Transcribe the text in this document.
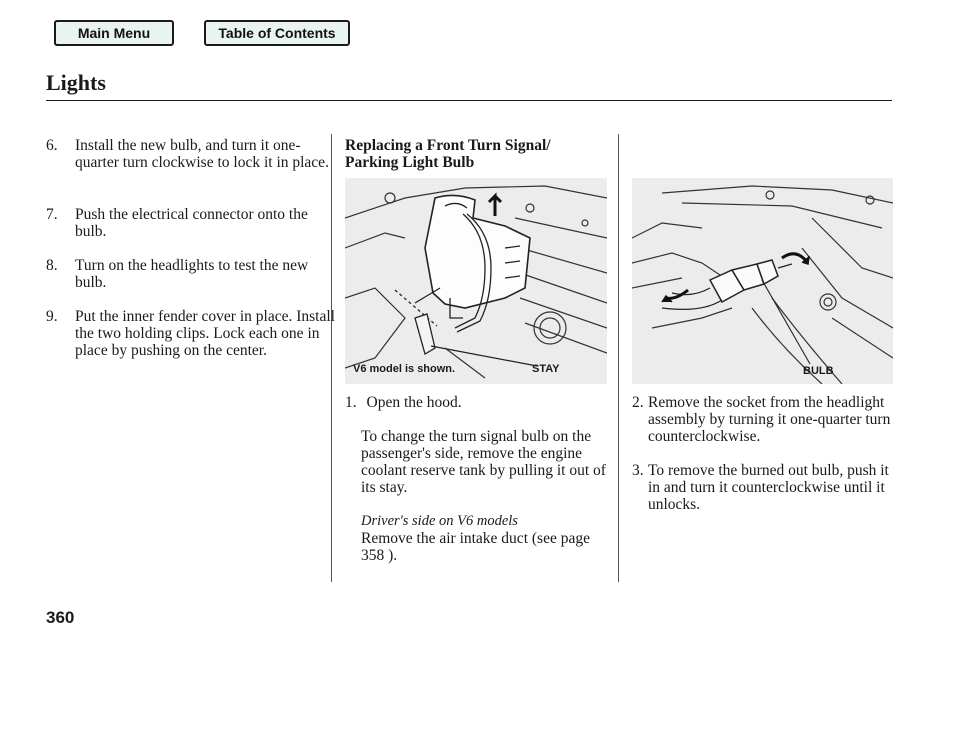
Main Menu	Table of Contents
Lights
6.	Install the new bulb, and turn it one-quarter turn clockwise to lock it in place.
7.	Push the electrical connector onto the bulb.
8.	Turn on the headlights to test the new bulb.
9.	Put the inner fender cover in place. Install the two holding clips. Lock each one in place by pushing on the center.
Replacing a Front Turn Signal/
Parking Light Bulb
V6 model is shown.	STAY
1. Open the hood.
To change the turn signal bulb on the passenger's side, remove the engine coolant reserve tank by pulling it out of its stay.
Driver's side on V6 models
Remove the air intake duct (see page 358 ).
BULB
2. Remove the socket from the headlight assembly by turning it one-quarter turn counterclockwise.
3. To remove the burned out bulb, push it in and turn it counterclockwise until it unlocks.
360
